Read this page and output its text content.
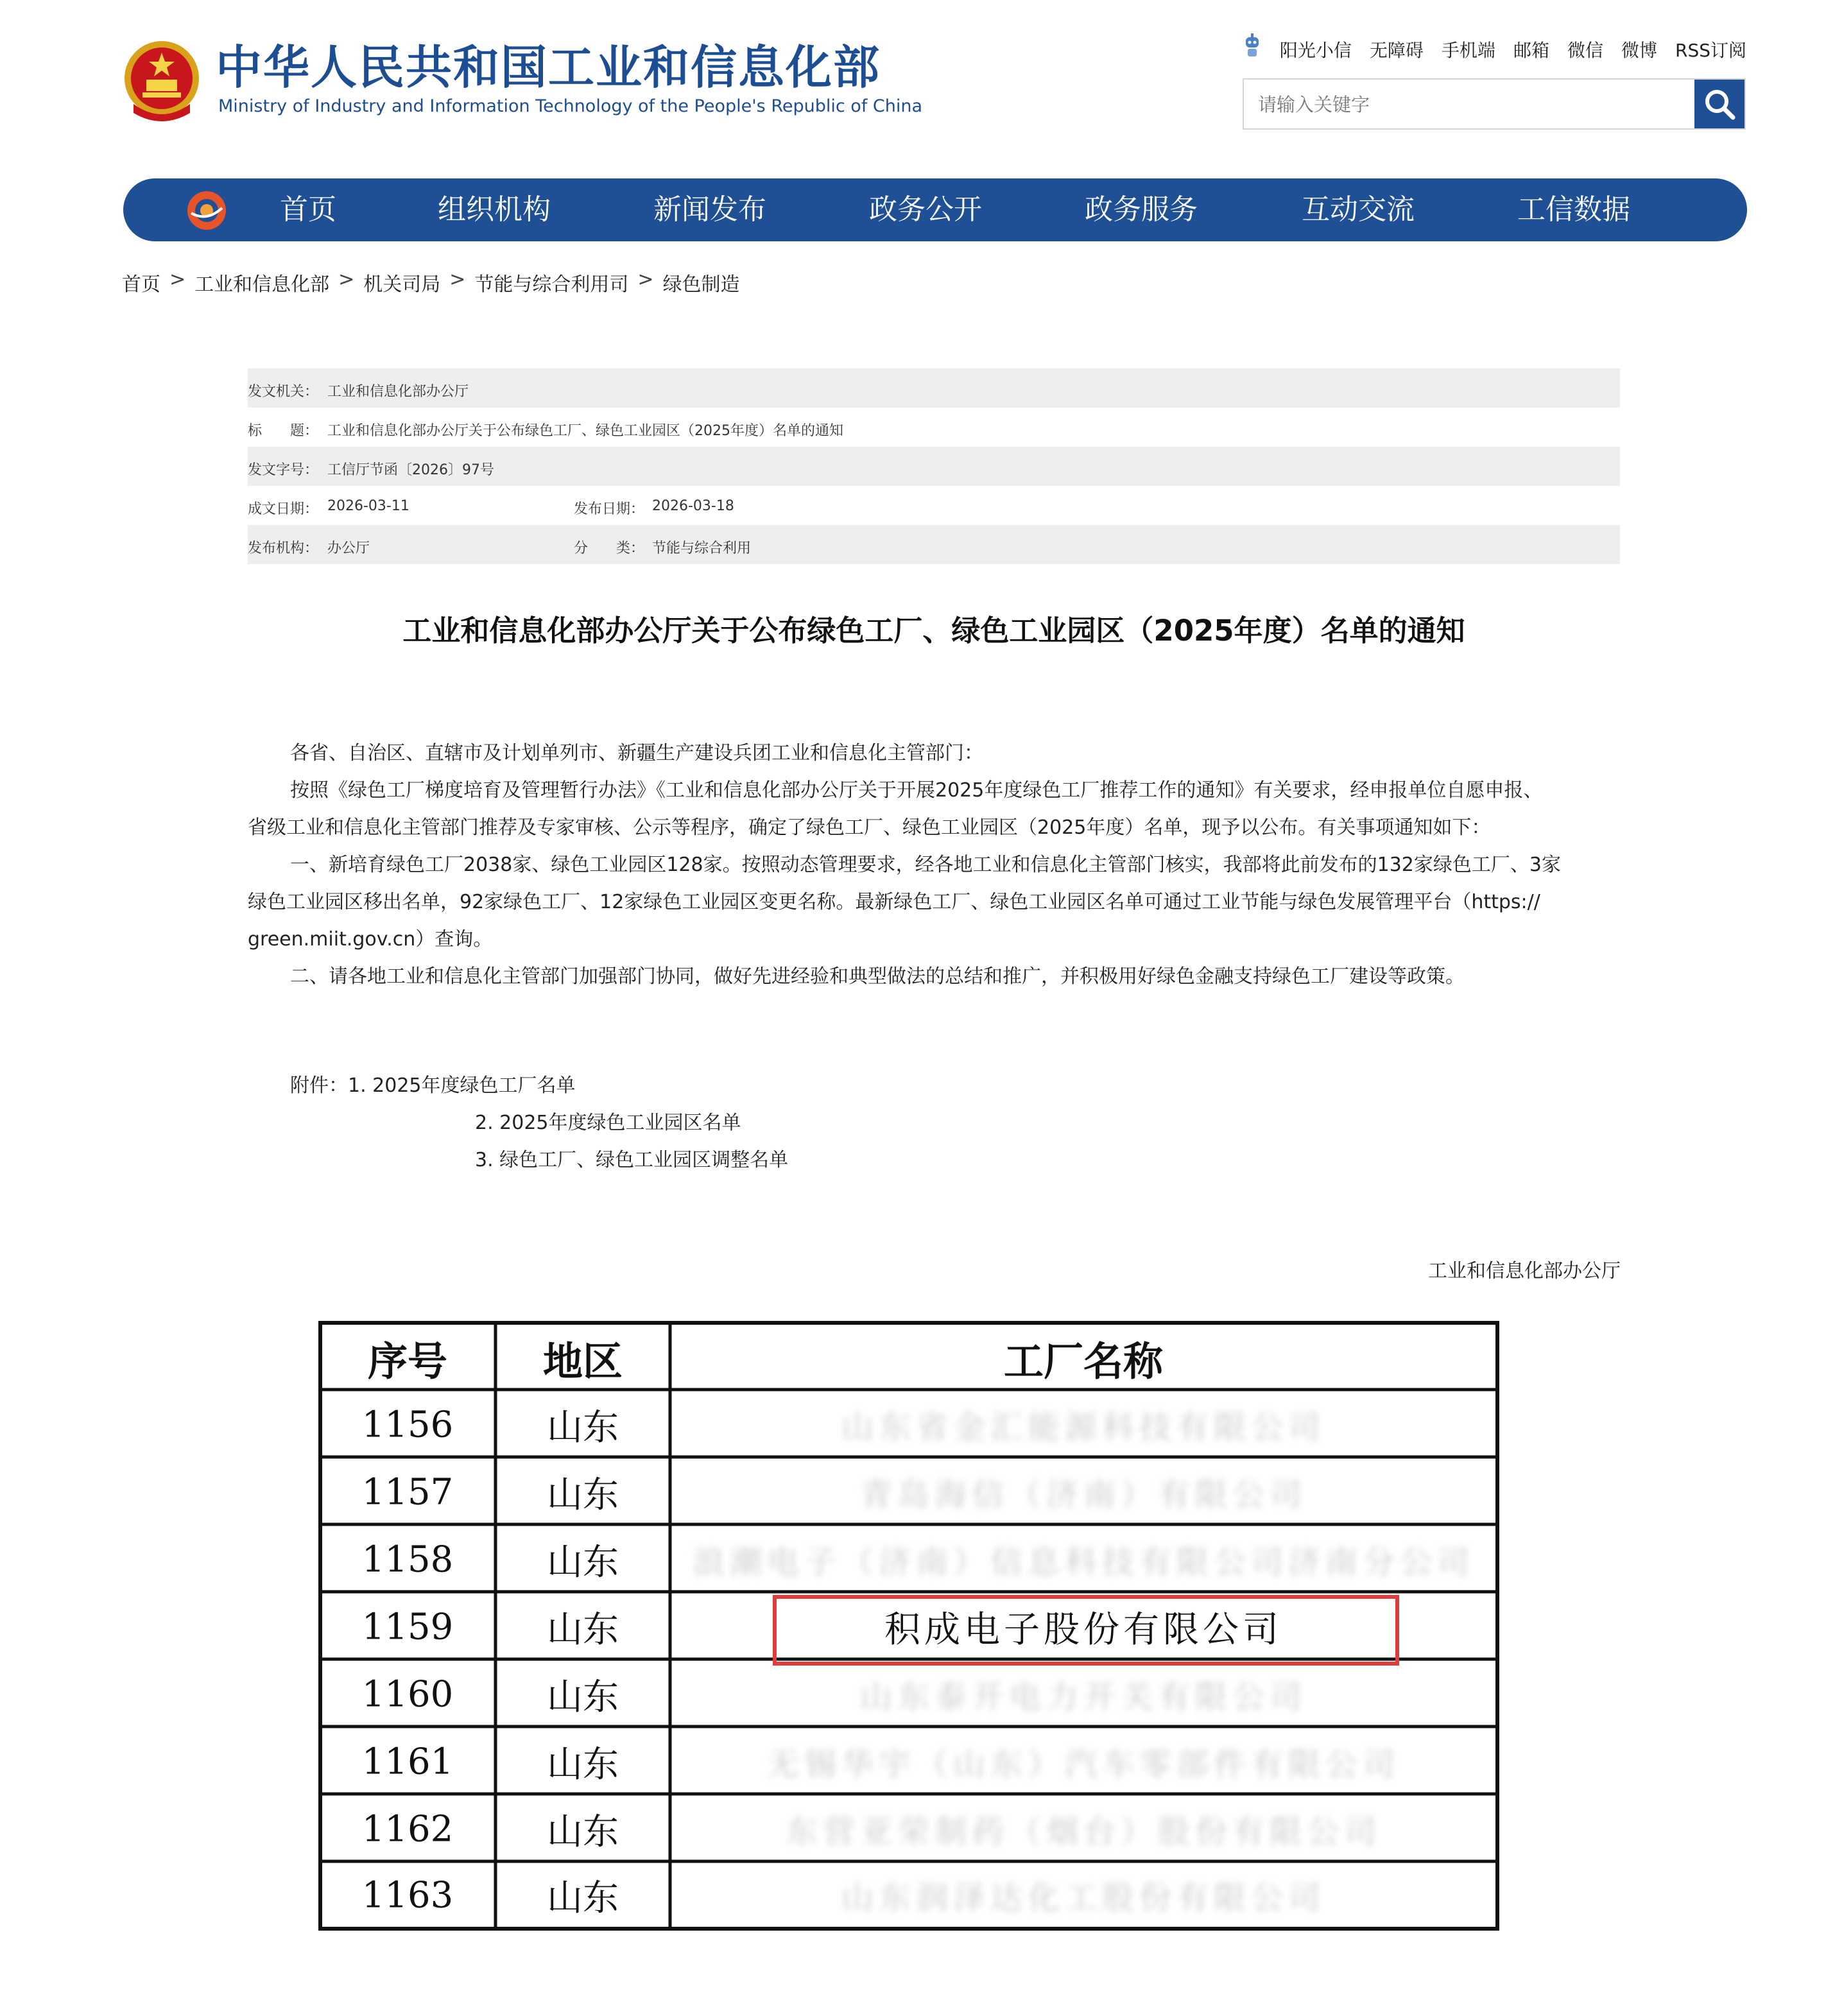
中华人民共和国工业和信息化部
Ministry of Industry and Information Technology of the People's Republic of China
阳光小信 无障碍 手机端 邮箱 微信 微博 RSS订阅
请输入关键字
首页	组织机构	新闻发布	政务公开	政务服务	互动交流	工信数据
首页 > 工业和信息化部 > 机关司局 > 节能与综合利用司 > 绿色制造
发文机关： 工业和信息化部办公厅
标　　题： 工业和信息化部办公厅关于公布绿色工厂、绿色工业园区（2025年度）名单的通知
发文字号： 工信厅节函〔2026〕97号
成文日期： 2026-03-11	发布日期： 2026-03-18
发布机构： 办公厅	分　　类： 节能与综合利用
工业和信息化部办公厅关于公布绿色工厂、绿色工业园区（2025年度）名单的通知
各省、自治区、直辖市及计划单列市、新疆生产建设兵团工业和信息化主管部门：
按照《绿色工厂梯度培育及管理暂行办法》《工业和信息化部办公厅关于开展2025年度绿色工厂推荐工作的通知》有关要求，经申报单位自愿申报、
省级工业和信息化主管部门推荐及专家审核、公示等程序，确定了绿色工厂、绿色工业园区（2025年度）名单，现予以公布。有关事项通知如下：
一、新培育绿色工厂2038家、绿色工业园区128家。按照动态管理要求，经各地工业和信息化主管部门核实，我部将此前发布的132家绿色工厂、3家
绿色工业园区移出名单，92家绿色工厂、12家绿色工业园区变更名称。最新绿色工厂、绿色工业园区名单可通过工业节能与绿色发展管理平台（https://
green.miit.gov.cn）查询。
二、请各地工业和信息化主管部门加强部门协同，做好先进经验和典型做法的总结和推广，并积极用好绿色金融支持绿色工厂建设等政策。
附件：1. 2025年度绿色工厂名单
2. 2025年度绿色工业园区名单
3. 绿色工厂、绿色工业园区调整名单
工业和信息化部办公厅
序号 地区	工厂名称
1156	山东	山东省金汇能源科技有限公司
1157	山东	青岛海信（济南）有限公司
1158	山东 浪潮电子（济南）信息科技有限公司济南分公司
1159	山东	积成电子股份有限公司
1160	山东	山东泰开电力开关有限公司
1161	山东	无锡华宇（山东）汽车零部件有限公司
1162	山东	东营亚荣制药（烟台）股份有限公司
1163	山东	山东润泽达化工股份有限公司
